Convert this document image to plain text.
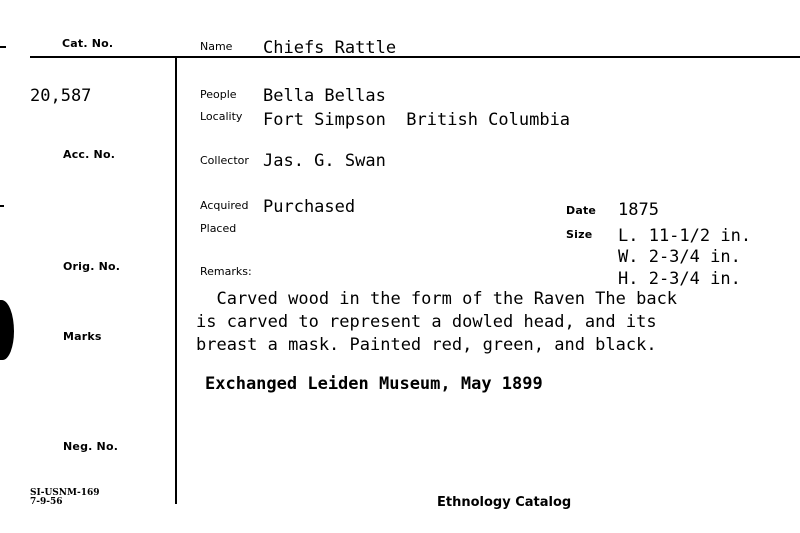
Cat. No.	Name Chiefs Rattle
20,587
Acc. No.
Orig. No.
Marks
Neg. No.
People Bella Bellas
Locality Fort Simpson  British Columbia
Collector Jas. G. Swan
Acquired Purchased
Placed
Date 1875
Size L. 11-1/2 in.
W. 2-3/4 in.
H. 2-3/4 in.
Remarks:
Carved wood in the form of the Raven The back
is carved to represent a dowled head, and its
breast a mask. Painted red, green, and black.
Exchanged Leiden Museum, May 1899
SI-USNM-169
7-9-56	Ethnology Catalog
